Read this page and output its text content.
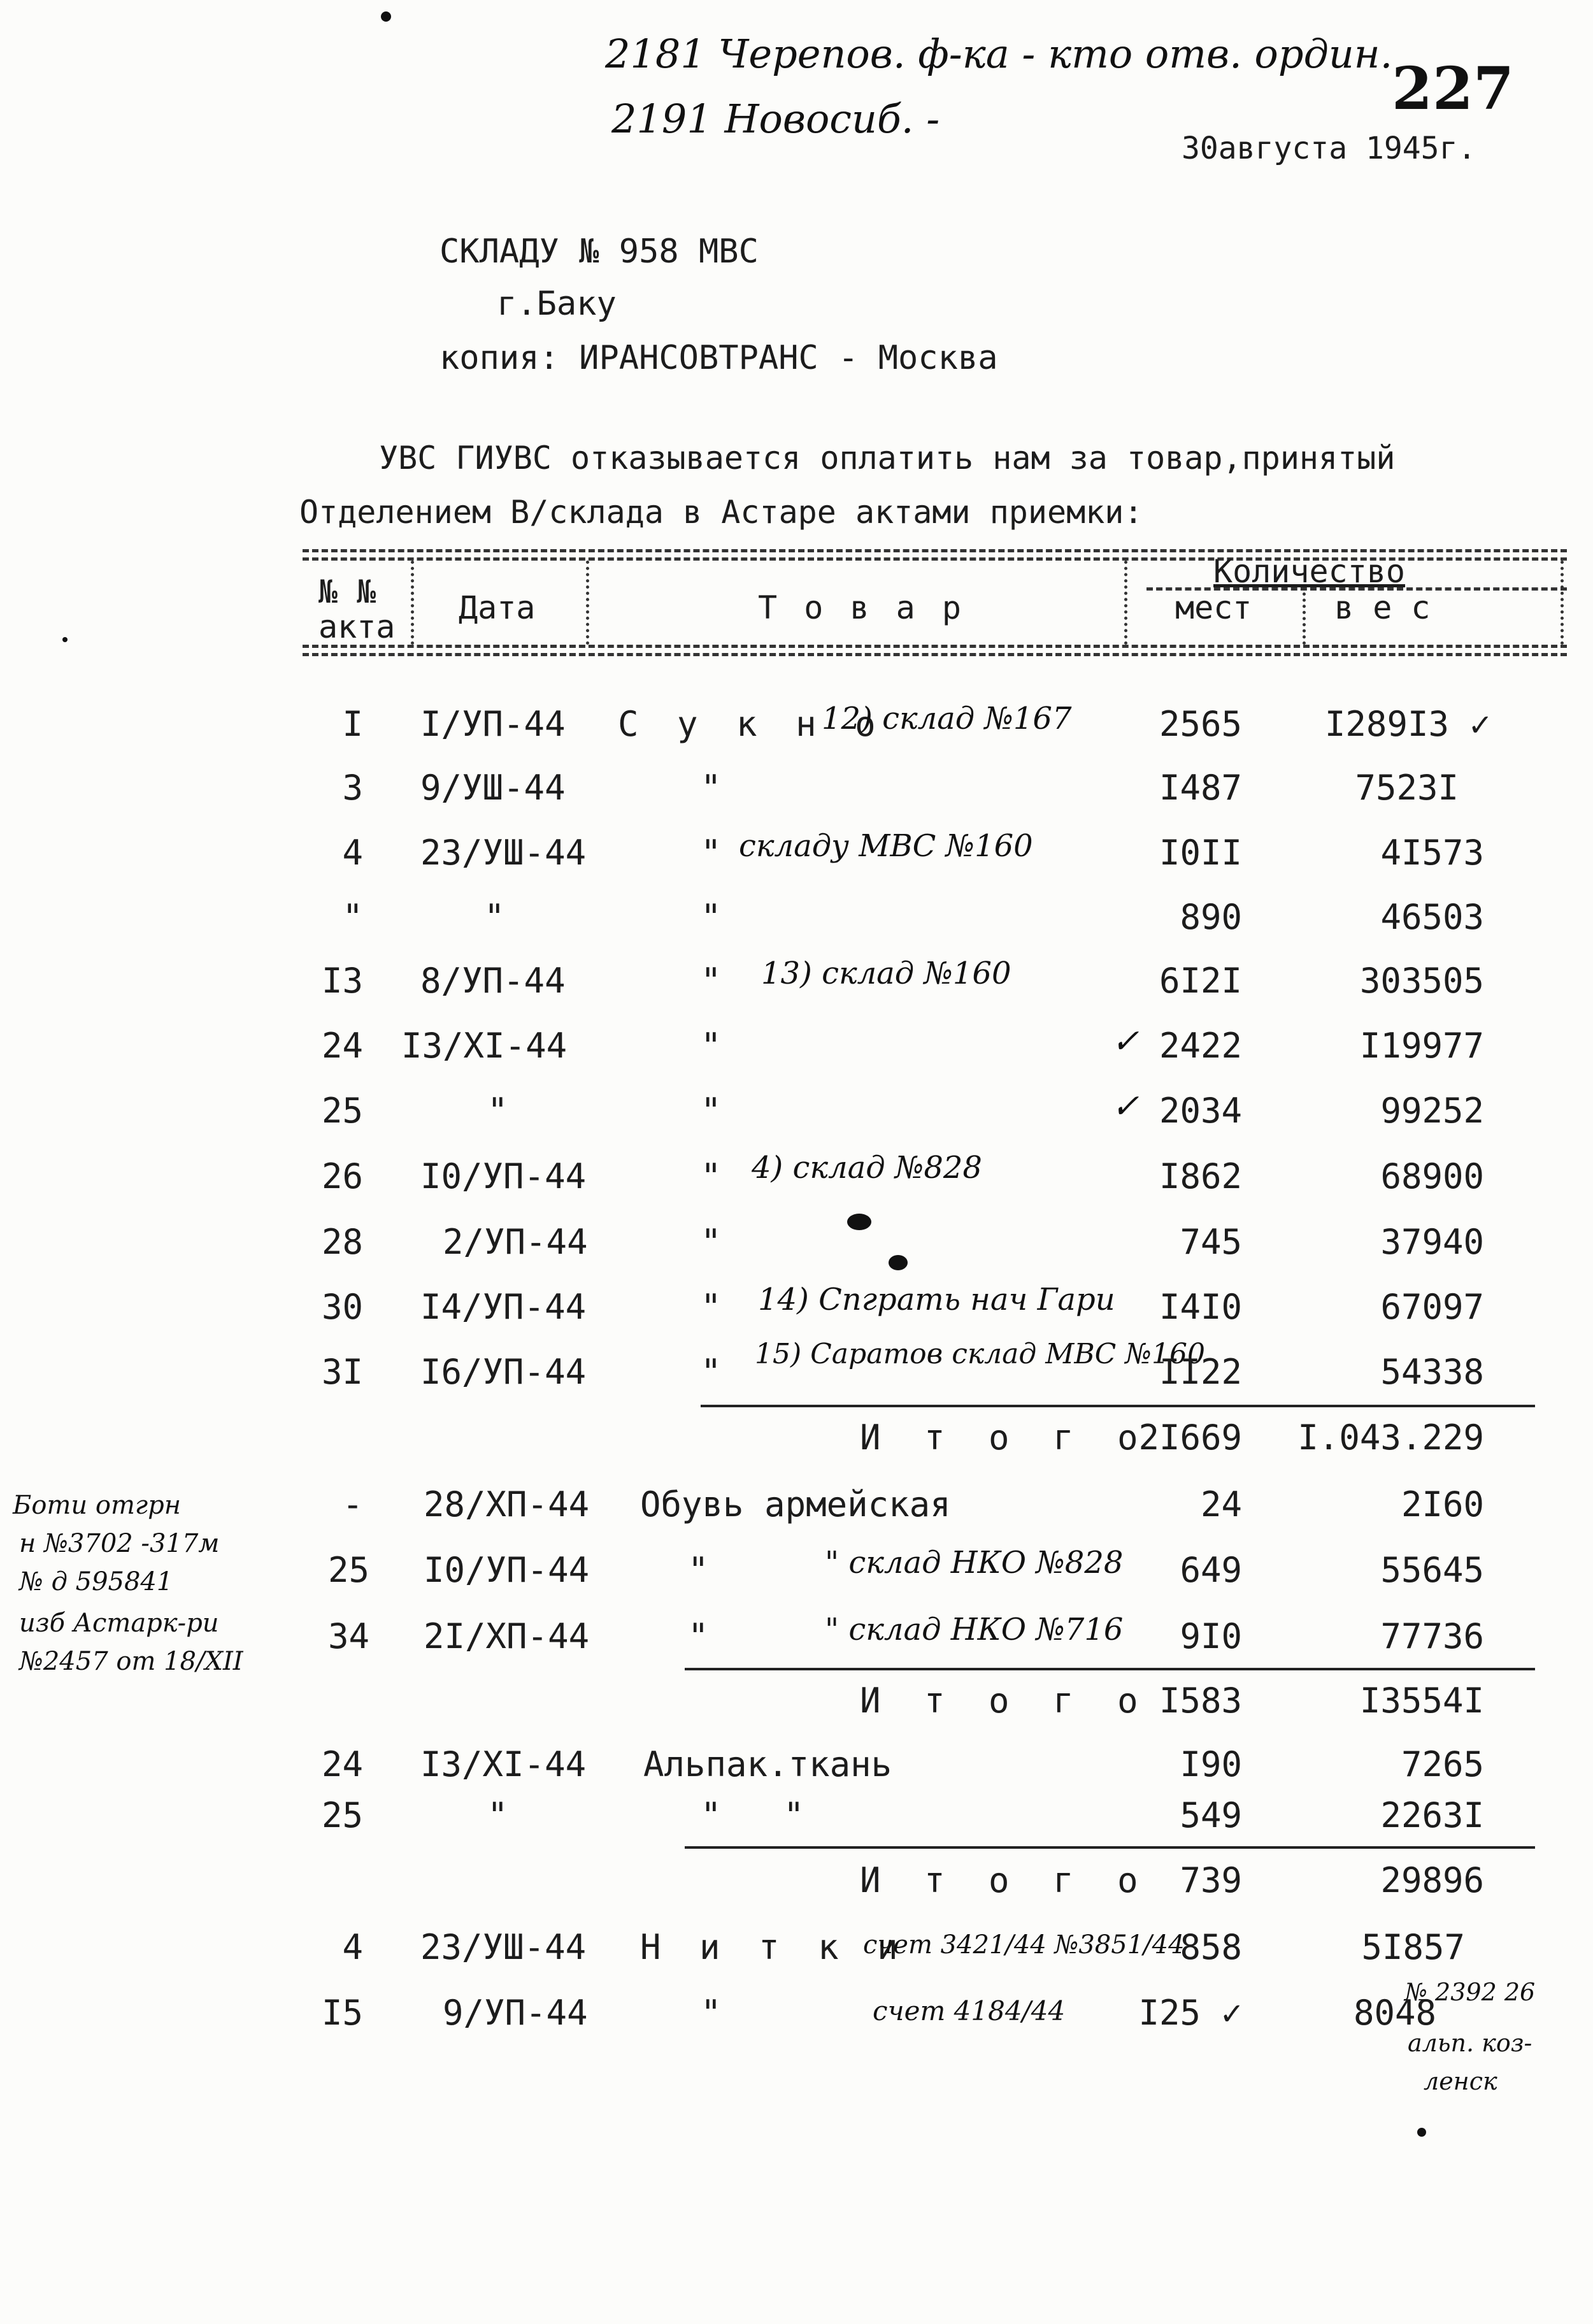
2181 Черепов. ф-ка - кто отв. ордин.
2191 Новосиб. -	227
30августа 1945г.
СКЛАДУ № 958 МВС
г.Баку
копия: ИРАНСОВТРАНС - Москва
УВС ГИУВС отказывается оплатить нам за товар,принятый
Отделением В/склада в Астаре актами приемки:
№ №
акта
Дата	Т о в а р
Количество
мест	в е с
I I/УП-44	С у к н о
12) склад №167	2565	I289I3 ✓
3 9/УШ-44	"	I487	7523I
4 23/УШ-44	" складу МВС №160	I0II	4I573
"	"	"	890	46503
I3 8/УП-44	" 13) склад №160	6I2I	303505
24 I3/XI-44	"	✓ 2422	I19977
25	"	"	✓ 2034	99252
26 I0/УП-44	" 4) склад №828	I862	68900
28 2/УП-44	"	745	37940
30 I4/УП-44	" 14) Спграть нач Гари	I4I0	67097
3I I6/УП-44	" 15) Саратов склад МВС №160
II22	54338
И т о г о
2I669	I.043.229
- 28/ХП-44	Обувь армейская	24	2I60
25 I0/УП-44	"	" склад НКО №828	649	55645
34 2I/ХП-44	"	" склад НКО №716	9I0	77736
И т о г о I583	I3554I
24 I3/XI-44	Альпак.ткань	I90	7265
25	"	"   "	549	2263I
И т о г о 739	29896
4 23/УШ-44	Н и т к и
счет 3421/44 №3851/44
858	5I857
I5 9/УП-44	"	счет 4184/44	I25 ✓	8048
Боти отгрн
н №3702 -317м
№ д 595841
изб Астарк-ри
№2457 от 18/XII
№ 2392 26
альп. коз-
ленск
